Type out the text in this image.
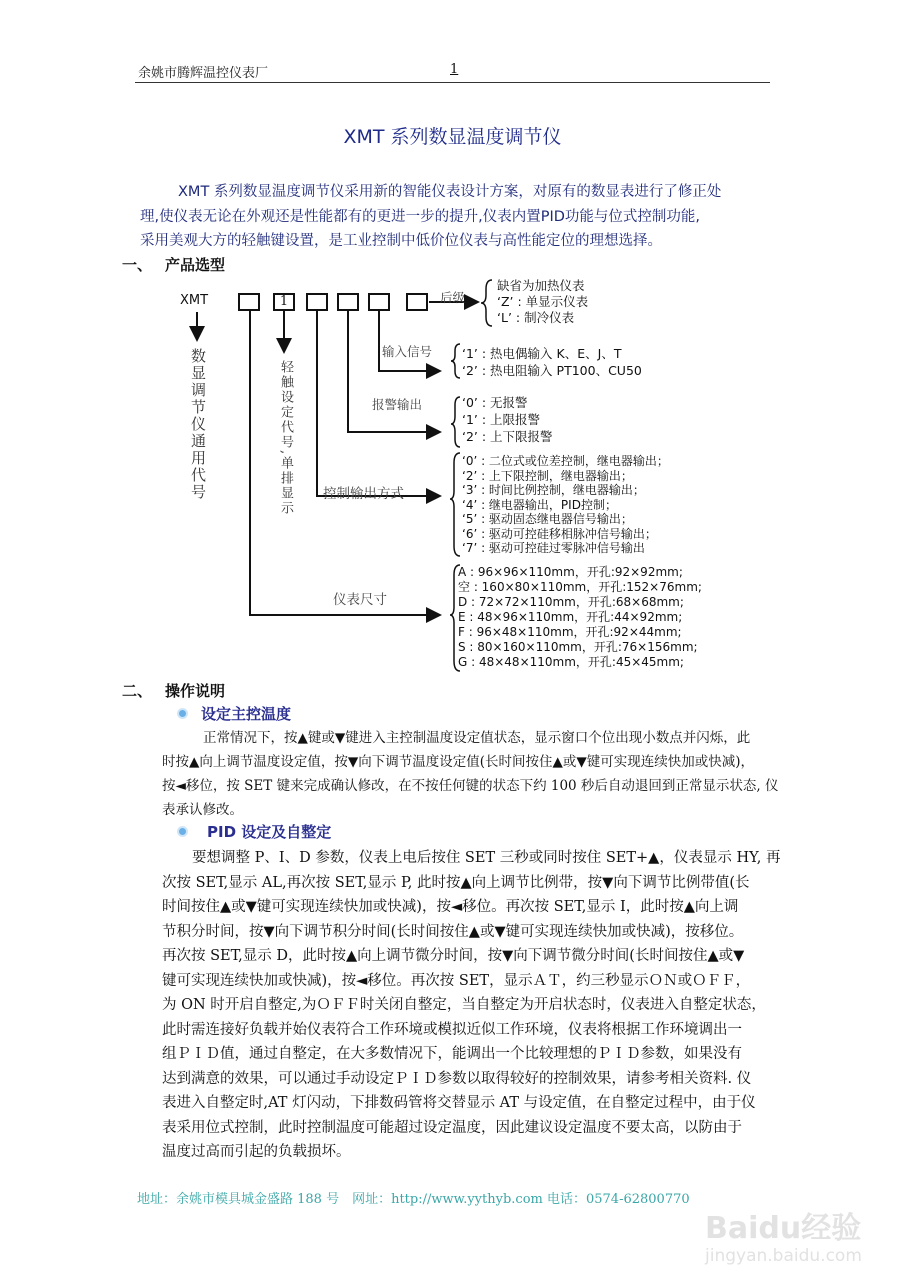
余姚市腾辉温控仪表厂	1
XMT 系列数显温度调节仪
XMT 系列数显温度调节仪采用新的智能仪表设计方案，对原有的数显表进行了修正处
理,使仪表无论在外观还是性能都有的更进一步的提升,仪表内置PID功能与位式控制功能,
采用美观大方的轻触键设置，是工业控制中低价位仪表与高性能定位的理想选择。
一、 产品选型
XMT	1
数显调节仪通用代号	轻触设定代号,单排显示
后级
缺省为加热仪表
‘Z’ : 单显示仪表
‘L’ : 制冷仪表
输入信号 ‘1’ : 热电偶输入 K、E、J、T
‘2’ : 热电阻输入 PT100、CU50
报警输出	‘0’ : 无报警
‘1’ : 上限报警
‘2’ : 上下限报警
控制输出方式
‘0’ : 二位式或位差控制，继电器输出；
‘2’ : 上下限控制，继电器输出；
‘3’ : 时间比例控制，继电器输出；
‘4’ : 继电器输出，PID控制；
‘5’ : 驱动固态继电器信号输出；
‘6’ : 驱动可控硅移相脉冲信号输出；
‘7’ : 驱动可控硅过零脉冲信号输出
仪表尺寸
A : 96×96×110mm，开孔:92×92mm;
空 : 160×80×110mm，开孔:152×76mm;
D : 72×72×110mm，开孔:68×68mm;
E : 48×96×110mm，开孔:44×92mm;
F : 96×48×110mm，开孔:92×44mm;
S : 80×160×110mm，开孔:76×156mm;
G : 48×48×110mm，开孔:45×45mm;
二、 操作说明
设定主控温度
正常情况下，按▲键或▼键进入主控制温度设定值状态，显示窗口个位出现小数点并闪烁，此
时按▲向上调节温度设定值，按▼向下调节温度设定值(长时间按住▲或▼键可实现连续快加或快减)，
按◄移位，按 SET 键来完成确认修改，在不按任何键的状态下约 100 秒后自动退回到正常显示状态, 仪
表承认修改。
PID 设定及自整定
要想调整 P、I、D 参数，仪表上电后按住 SET 三秒或同时按住 SET+▲，仪表显示 HY, 再
次按 SET,显示 AL,再次按 SET,显示 P, 此时按▲向上调节比例带，按▼向下调节比例带值(长
时间按住▲或▼键可实现连续快加或快减)，按◄移位。再次按 SET,显示 I，此时按▲向上调
节积分时间，按▼向下调节积分时间(长时间按住▲或▼键可实现连续快加或快减)，按移位。
再次按 SET,显示 D，此时按▲向上调节微分时间，按▼向下调节微分时间(长时间按住▲或▼
键可实现连续快加或快减)，按◄移位。再次按 SET，显示ＡＴ，约三秒显示ＯＮ或ＯＦＦ，
为 ON 时开启自整定,为ＯＦＦ时关闭自整定，当自整定为开启状态时，仪表进入自整定状态，
此时需连接好负载并始仪表符合工作环境或模拟近似工作环境，仪表将根据工作环境调出一
组ＰＩＤ值，通过自整定，在大多数情况下，能调出一个比较理想的ＰＩＤ参数，如果没有
达到满意的效果，可以通过手动设定ＰＩＤ参数以取得较好的控制效果，请参考相关资料. 仪
表进入自整定时,AT 灯闪动，下排数码管将交替显示 AT 与设定值，在自整定过程中，由于仪
表采用位式控制，此时控制温度可能超过设定温度，因此建议设定温度不要太高，以防由于
温度过高而引起的负载损坏。
地址：余姚市模具城金盛路 188 号　网址：http://www.yythyb.com 电话：0574-62800770
Baidu经验
jingyan.baidu.com
